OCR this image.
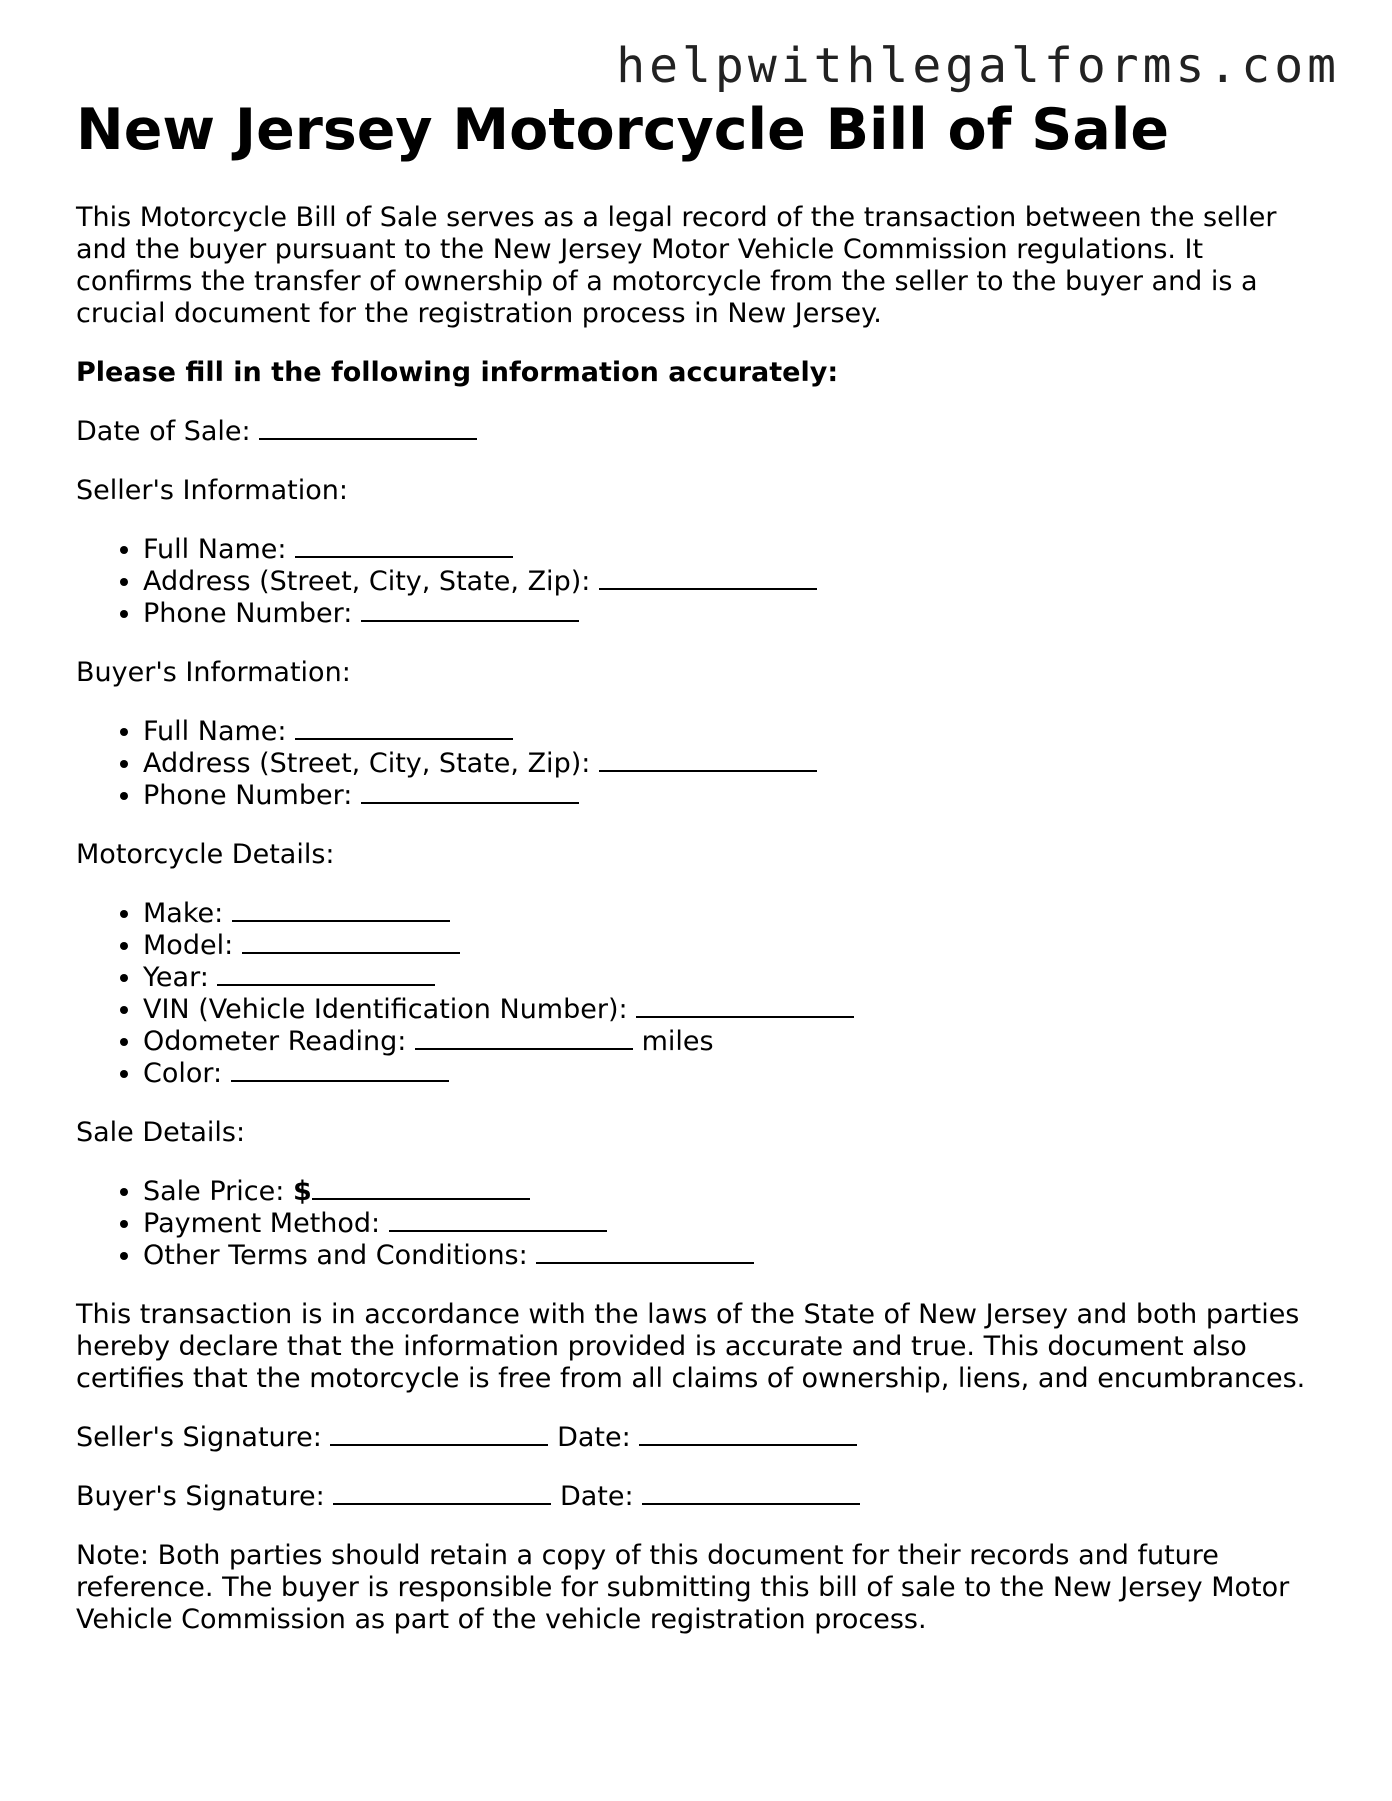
helpwithlegalforms.com
New Jersey Motorcycle Bill of Sale

This Motorcycle Bill of Sale serves as a legal record of the transaction between the seller and the buyer pursuant to the New Jersey Motor Vehicle Commission regulations. It confirms the transfer of ownership of a motorcycle from the seller to the buyer and is a crucial document for the registration process in New Jersey.

Please fill in the following information accurately:

Date of Sale:

Seller's Information:

• Full Name:
• Address (Street, City, State, Zip):
• Phone Number:

Buyer's Information:

• Full Name:
• Address (Street, City, State, Zip):
• Phone Number:

Motorcycle Details:

• Make:
• Model:
• Year:
• VIN (Vehicle Identification Number):
• Odometer Reading:	miles
• Color:

Sale Details:

• Sale Price: $
• Payment Method:
• Other Terms and Conditions:

This transaction is in accordance with the laws of the State of New Jersey and both parties hereby declare that the information provided is accurate and true. This document also certifies that the motorcycle is free from all claims of ownership, liens, and encumbrances.

Seller's Signature:	Date:

Buyer's Signature:	Date:

Note: Both parties should retain a copy of this document for their records and future reference. The buyer is responsible for submitting this bill of sale to the New Jersey Motor Vehicle Commission as part of the vehicle registration process.
